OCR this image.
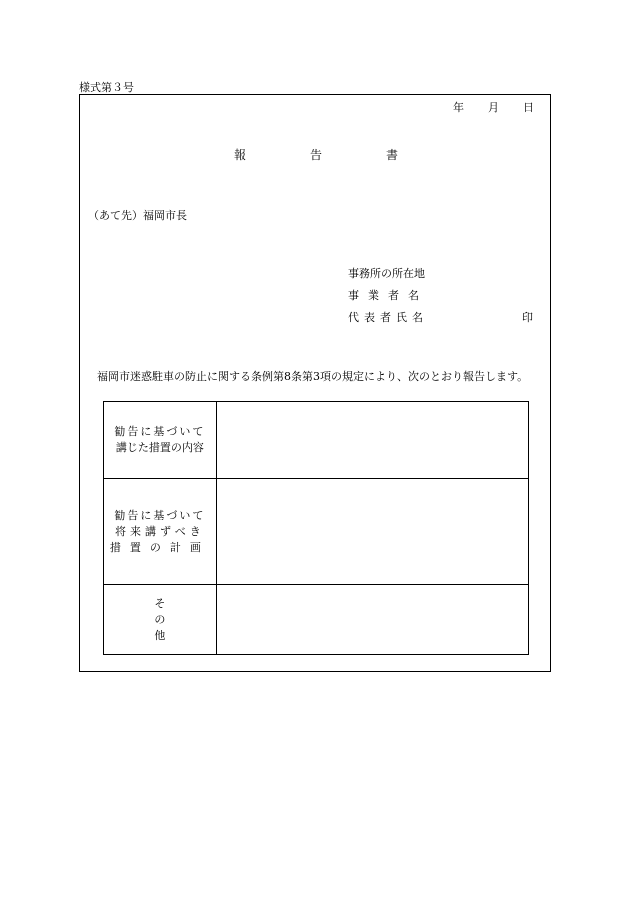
様式第３号
年 月 日
報	告	書
（あて先）福岡市長
事務所の所在地
事業者名
代表者氏名	印
福岡市迷惑駐車の防止に関する条例第8条第3項の規定により、次のとおり報告します。
勧告に基づいて
講じた措置の内容	

勧告に基づいて
将来講ずべき
措置の計画	

その他	
